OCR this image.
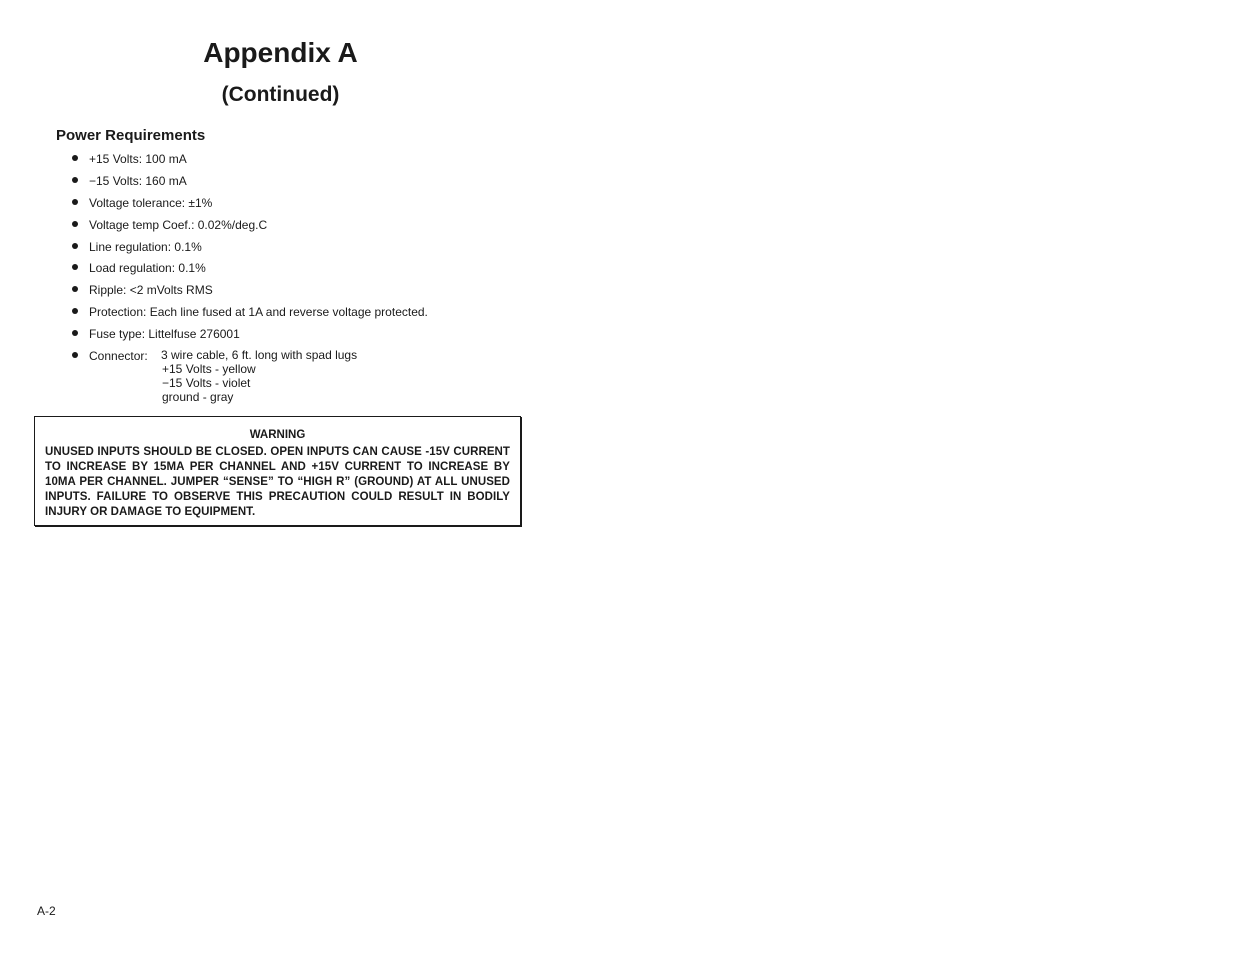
Appendix A
(Continued)
Power Requirements
+15 Volts: 100 mA
−15 Volts: 160 mA
Voltage tolerance: ±1%
Voltage temp Coef.: 0.02%/deg.C
Line regulation: 0.1%
Load regulation: 0.1%
Ripple: <2 mVolts RMS
Protection: Each line fused at 1A and reverse voltage protected.
Fuse type: Littelfuse 276001
Connector: 3 wire cable, 6 ft. long with spad lugs
+15 Volts - yellow
−15 Volts - violet
ground - gray
WARNING
UNUSED INPUTS SHOULD BE CLOSED. OPEN INPUTS CAN CAUSE -15V CURRENT TO INCREASE BY 15MA PER CHANNEL AND +15V CURRENT TO INCREASE BY 10MA PER CHANNEL. JUMPER “SENSE” TO “HIGH R” (GROUND) AT ALL UNUSED INPUTS. FAILURE TO OBSERVE THIS PRECAUTION COULD RESULT IN BODILY INJURY OR DAMAGE TO EQUIPMENT.
A-2
